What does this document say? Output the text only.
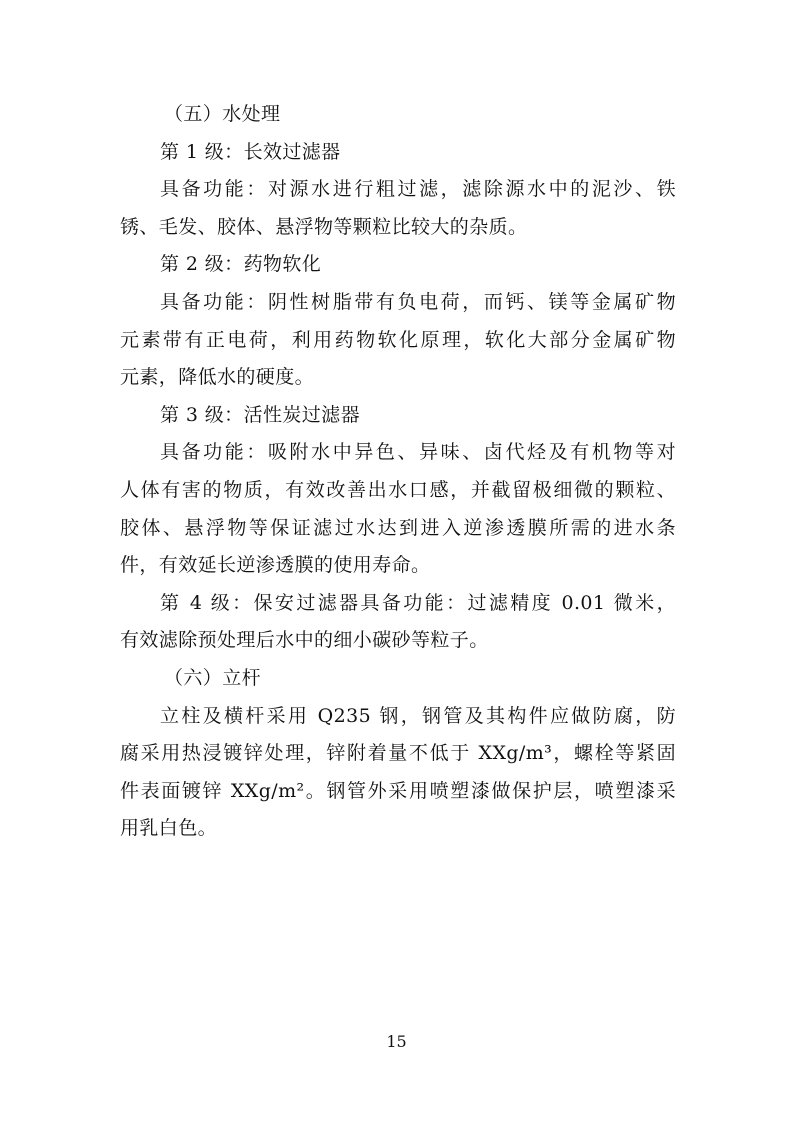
（五）水处理
第 1 级：长效过滤器
具备功能：对源水进行粗过滤，滤除源水中的泥沙、铁
锈、毛发、胶体、悬浮物等颗粒比较大的杂质。
第 2 级：药物软化
具备功能：阴性树脂带有负电荷，而钙、镁等金属矿物
元素带有正电荷，利用药物软化原理，软化大部分金属矿物
元素，降低水的硬度。
第 3 级：活性炭过滤器
具备功能：吸附水中异色、异味、卤代烃及有机物等对
人体有害的物质，有效改善出水口感，并截留极细微的颗粒、
胶体、悬浮物等保证滤过水达到进入逆渗透膜所需的进水条
件，有效延长逆渗透膜的使用寿命。
第 4 级：保安过滤器具备功能：过滤精度 0.01 微米，
有效滤除预处理后水中的细小碳砂等粒子。
（六）立杆
立柱及横杆采用 Q235 钢，钢管及其构件应做防腐，防
腐采用热浸镀锌处理，锌附着量不低于 XXg/m³，螺栓等紧固
件表面镀锌 XXg/m²。钢管外采用喷塑漆做保护层，喷塑漆采
用乳白色。
15
